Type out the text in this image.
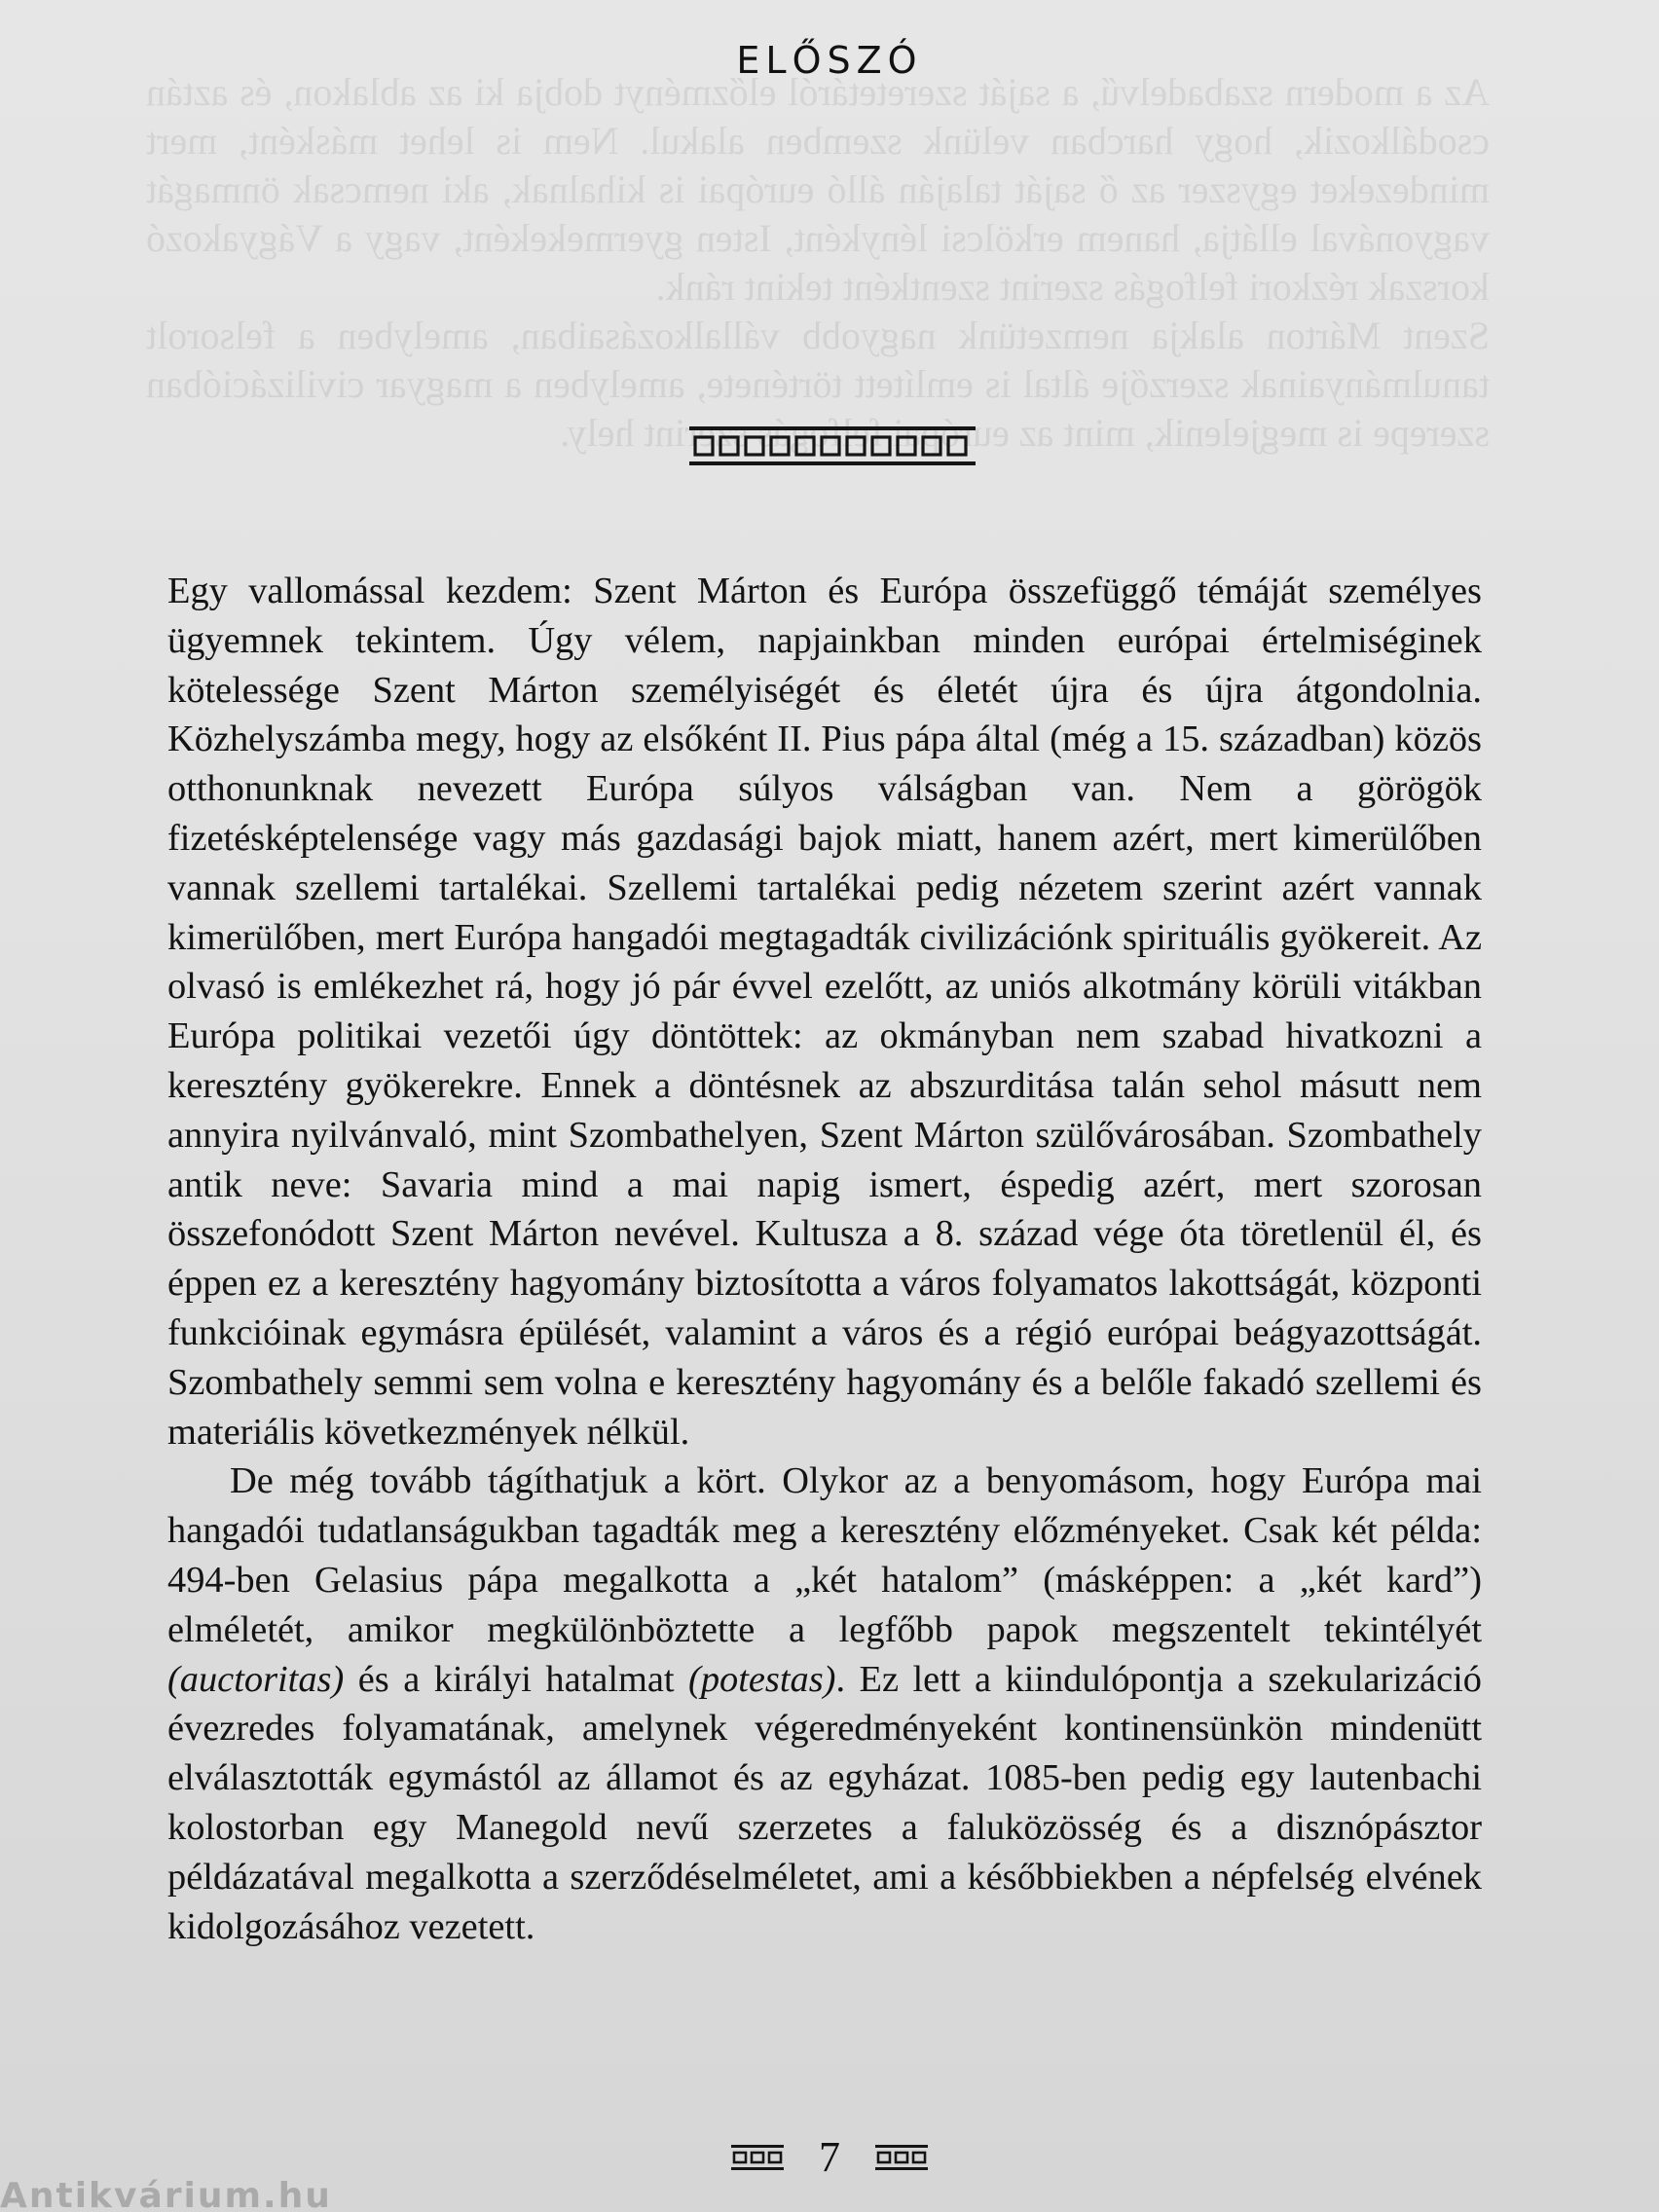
Az a modern szabadelvű, a saját szeretetáról előzményt dobja ki az ablakon, és aztán csodálkozik, hogy harcban velünk szemben alakul. Nem is lehet másként, mert mindezeket egyszer az ő saját talaján álló európai is kihalnak, aki nemcsak önmagát vagyonával ellátja, hanem erkölcsi lényként, Isten gyermekeként, vagy a Vágyakozó korszak rézkori felfogás szerint szentként tekint ránk.

Szent Márton alakja nemzetünk nagyobb vállalkozásaiban, amelyben a felsorolt tanulmányainak szerzője által is említett története, amelyben a magyar civilizációban szerepe is megjelenik, mint az európai felfogás szerint hely.

ELŐSZÓ

Egy vallomással kezdem: Szent Márton és Európa összefüggő témáját személyes ügyemnek tekintem. Úgy vélem, napjainkban minden európai értelmiséginek kötelessége Szent Márton személyiségét és életét újra és újra átgondolnia. Közhelyszámba megy, hogy az elsőként II. Pius pápa által (még a 15. században) közös otthonunknak nevezett Európa súlyos válságban van. Nem a görögök fizetésképtelensége vagy más gazdasági bajok miatt, hanem azért, mert kimerülőben vannak szellemi tartalékai. Szellemi tartalékai pedig nézetem szerint azért vannak kimerülőben, mert Európa hangadói megtagadták civilizációnk spirituális gyökereit. Az olvasó is emlékezhet rá, hogy jó pár évvel ezelőtt, az uniós alkotmány körüli vitákban Európa politikai vezetői úgy döntöttek: az okmányban nem szabad hivatkozni a keresztény gyökerekre. Ennek a döntésnek az abszurditása talán sehol másutt nem annyira nyilvánvaló, mint Szombathelyen, Szent Márton szülővárosában. Szombathely antik neve: Savaria mind a mai napig ismert, éspedig azért, mert szorosan összefonódott Szent Márton nevével. Kultusza a 8. század vége óta töretlenül él, és éppen ez a keresztény hagyomány biztosította a város folyamatos lakottságát, központi funkcióinak egymásra épülését, valamint a város és a régió európai beágyazottságát. Szombathely semmi sem volna e keresztény hagyomány és a belőle fakadó szellemi és materiális következmények nélkül.

De még tovább tágíthatjuk a kört. Olykor az a benyomásom, hogy Európa mai hangadói tudatlanságukban tagadták meg a keresztény előzményeket. Csak két példa: 494-ben Gelasius pápa megalkotta a „két hatalom” (másképpen: a „két kard”) elméletét, amikor megkülönböztette a legfőbb papok megszentelt tekintélyét (auctoritas) és a királyi hatalmat (potestas). Ez lett a kiindulópontja a szekularizáció évezredes folyamatának, amelynek végeredményeként kontinensünkön mindenütt elválasztották egymástól az államot és az egyházat. 1085-ben pedig egy lautenbachi kolostorban egy Manegold nevű szerzetes a faluközösség és a disznópásztor példázatával megalkotta a szerződéselméletet, ami a későbbiekben a népfelség elvének kidolgozásához vezetett.

7
Antikvárium.hu
